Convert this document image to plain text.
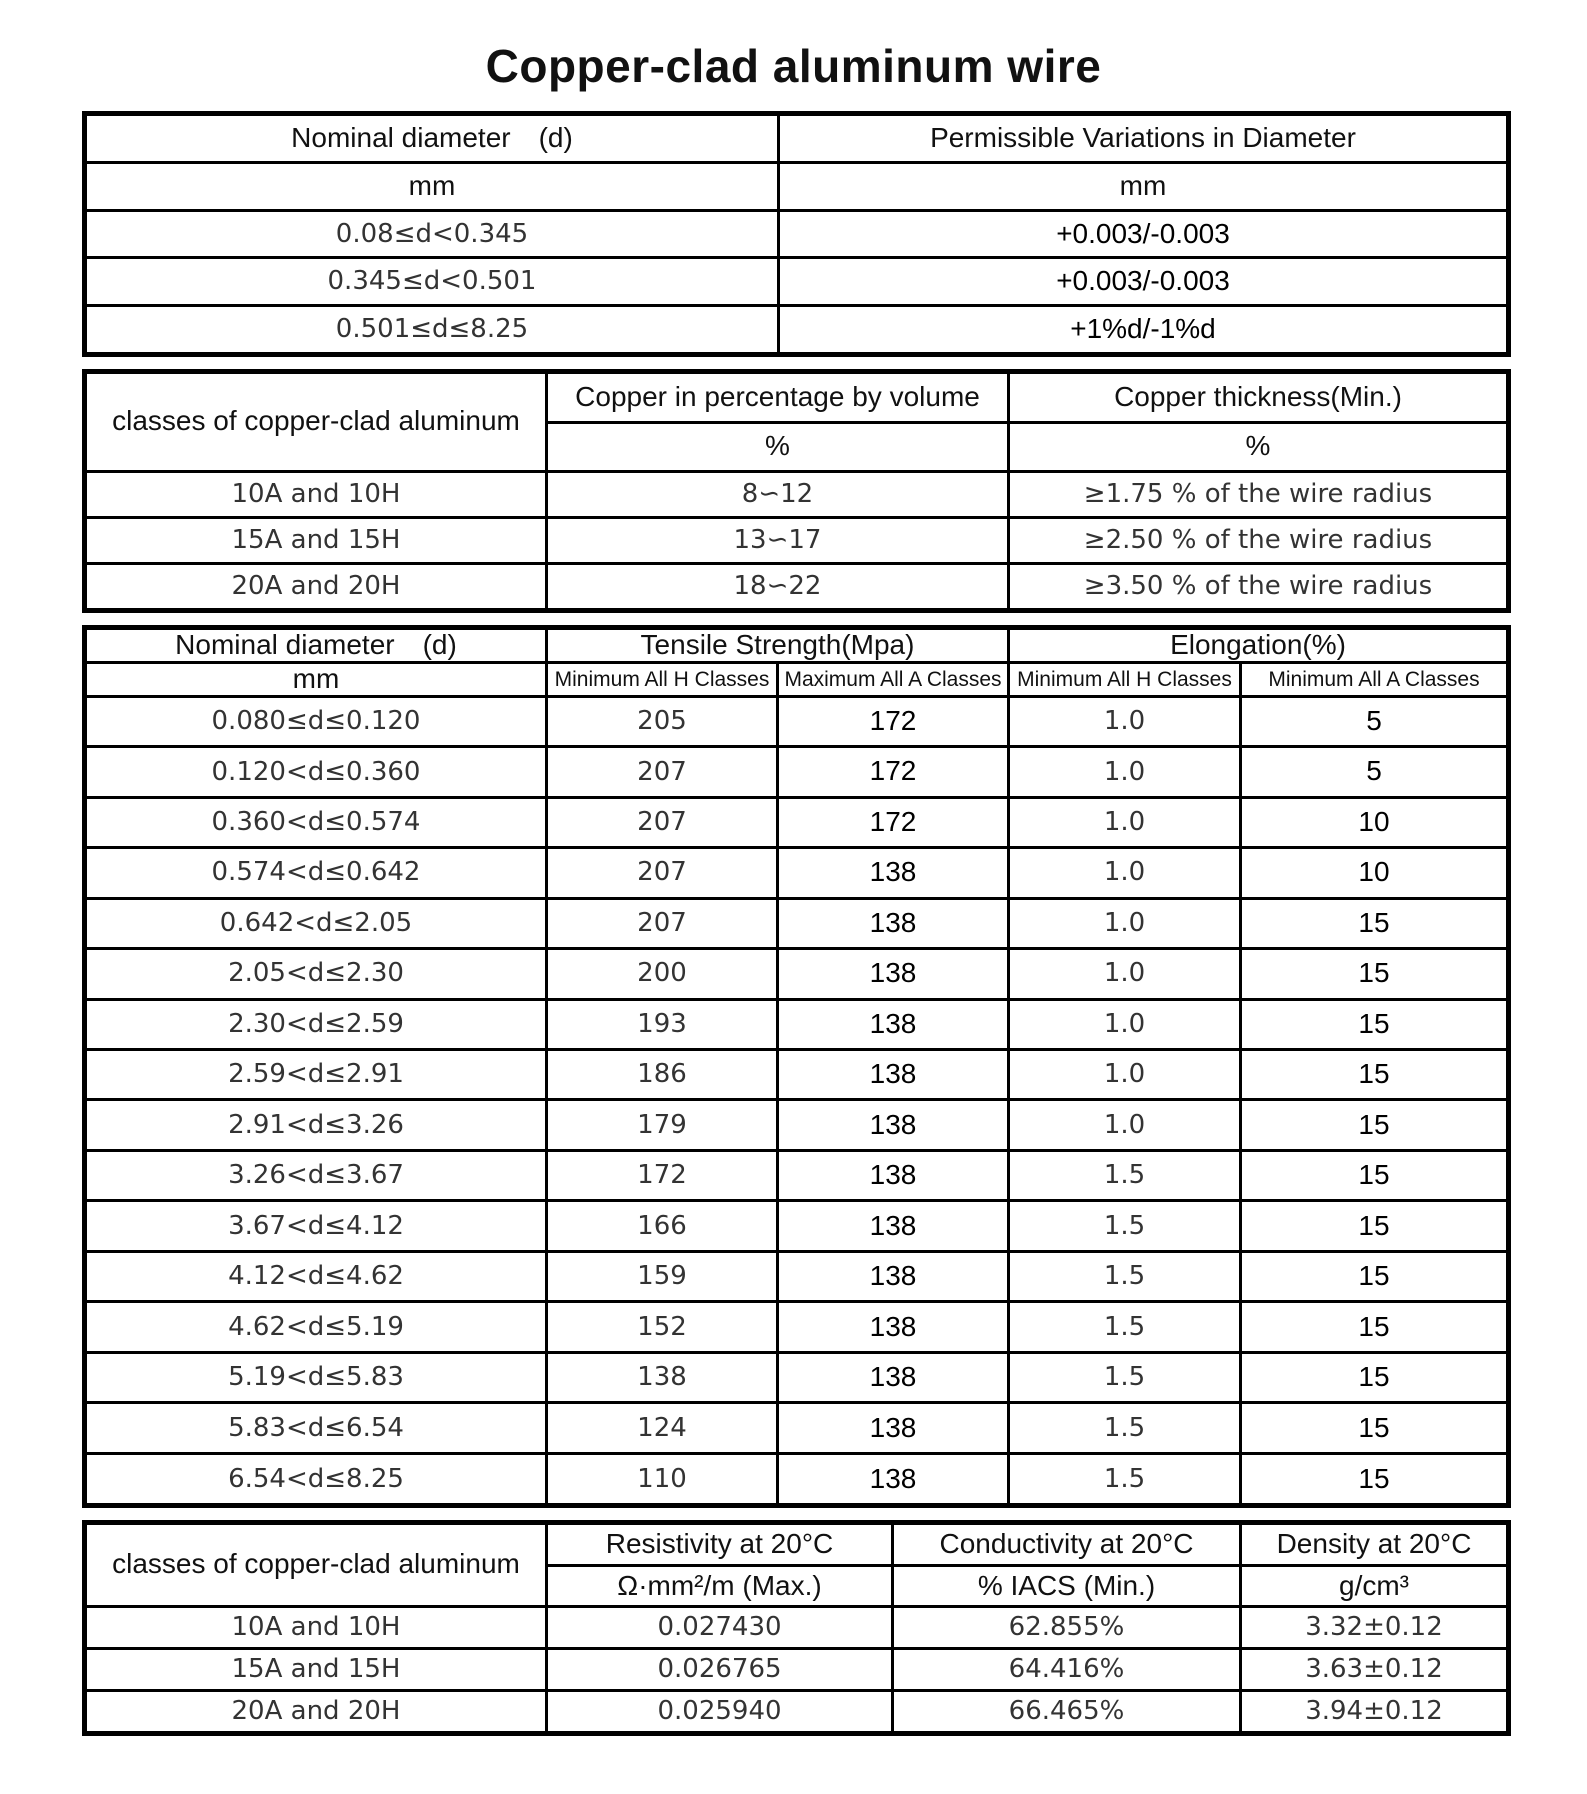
Copper-clad aluminum wire
Nominal diameter　(d)	Permissible Variations in Diameter
mm	mm
0.08≤d<0.345	+0.003/-0.003
0.345≤d<0.501	+0.003/-0.003
0.501≤d≤8.25	+1%d/-1%d
classes of copper-clad aluminum	Copper in percentage by volume	Copper thickness(Min.)
	%	%
10A and 10H	8∽12	≥1.75 % of the wire radius
15A and 15H	13∽17	≥2.50 % of the wire radius
20A and 20H	18∽22	≥3.50 % of the wire radius
Nominal diameter　(d)	Tensile Strength(Mpa)		Elongation(%)	
mm	Minimum All H Classes	Maximum All A Classes	Minimum All H Classes	Minimum All A Classes
0.080≤d≤0.120	205	172	1.0	5
0.120<d≤0.360	207	172	1.0	5
0.360<d≤0.574	207	172	1.0	10
0.574<d≤0.642	207	138	1.0	10
0.642<d≤2.05	207	138	1.0	15
2.05<d≤2.30	200	138	1.0	15
2.30<d≤2.59	193	138	1.0	15
2.59<d≤2.91	186	138	1.0	15
2.91<d≤3.26	179	138	1.0	15
3.26<d≤3.67	172	138	1.5	15
3.67<d≤4.12	166	138	1.5	15
4.12<d≤4.62	159	138	1.5	15
4.62<d≤5.19	152	138	1.5	15
5.19<d≤5.83	138	138	1.5	15
5.83<d≤6.54	124	138	1.5	15
6.54<d≤8.25	110	138	1.5	15
classes of copper-clad aluminum	Resistivity at 20°C	Conductivity at 20°C	Density at 20°C
	Ω·mm²/m (Max.)	% IACS (Min.)	g/cm³
10A and 10H	0.027430	62.855%	3.32±0.12
15A and 15H	0.026765	64.416%	3.63±0.12
20A and 20H	0.025940	66.465%	3.94±0.12
